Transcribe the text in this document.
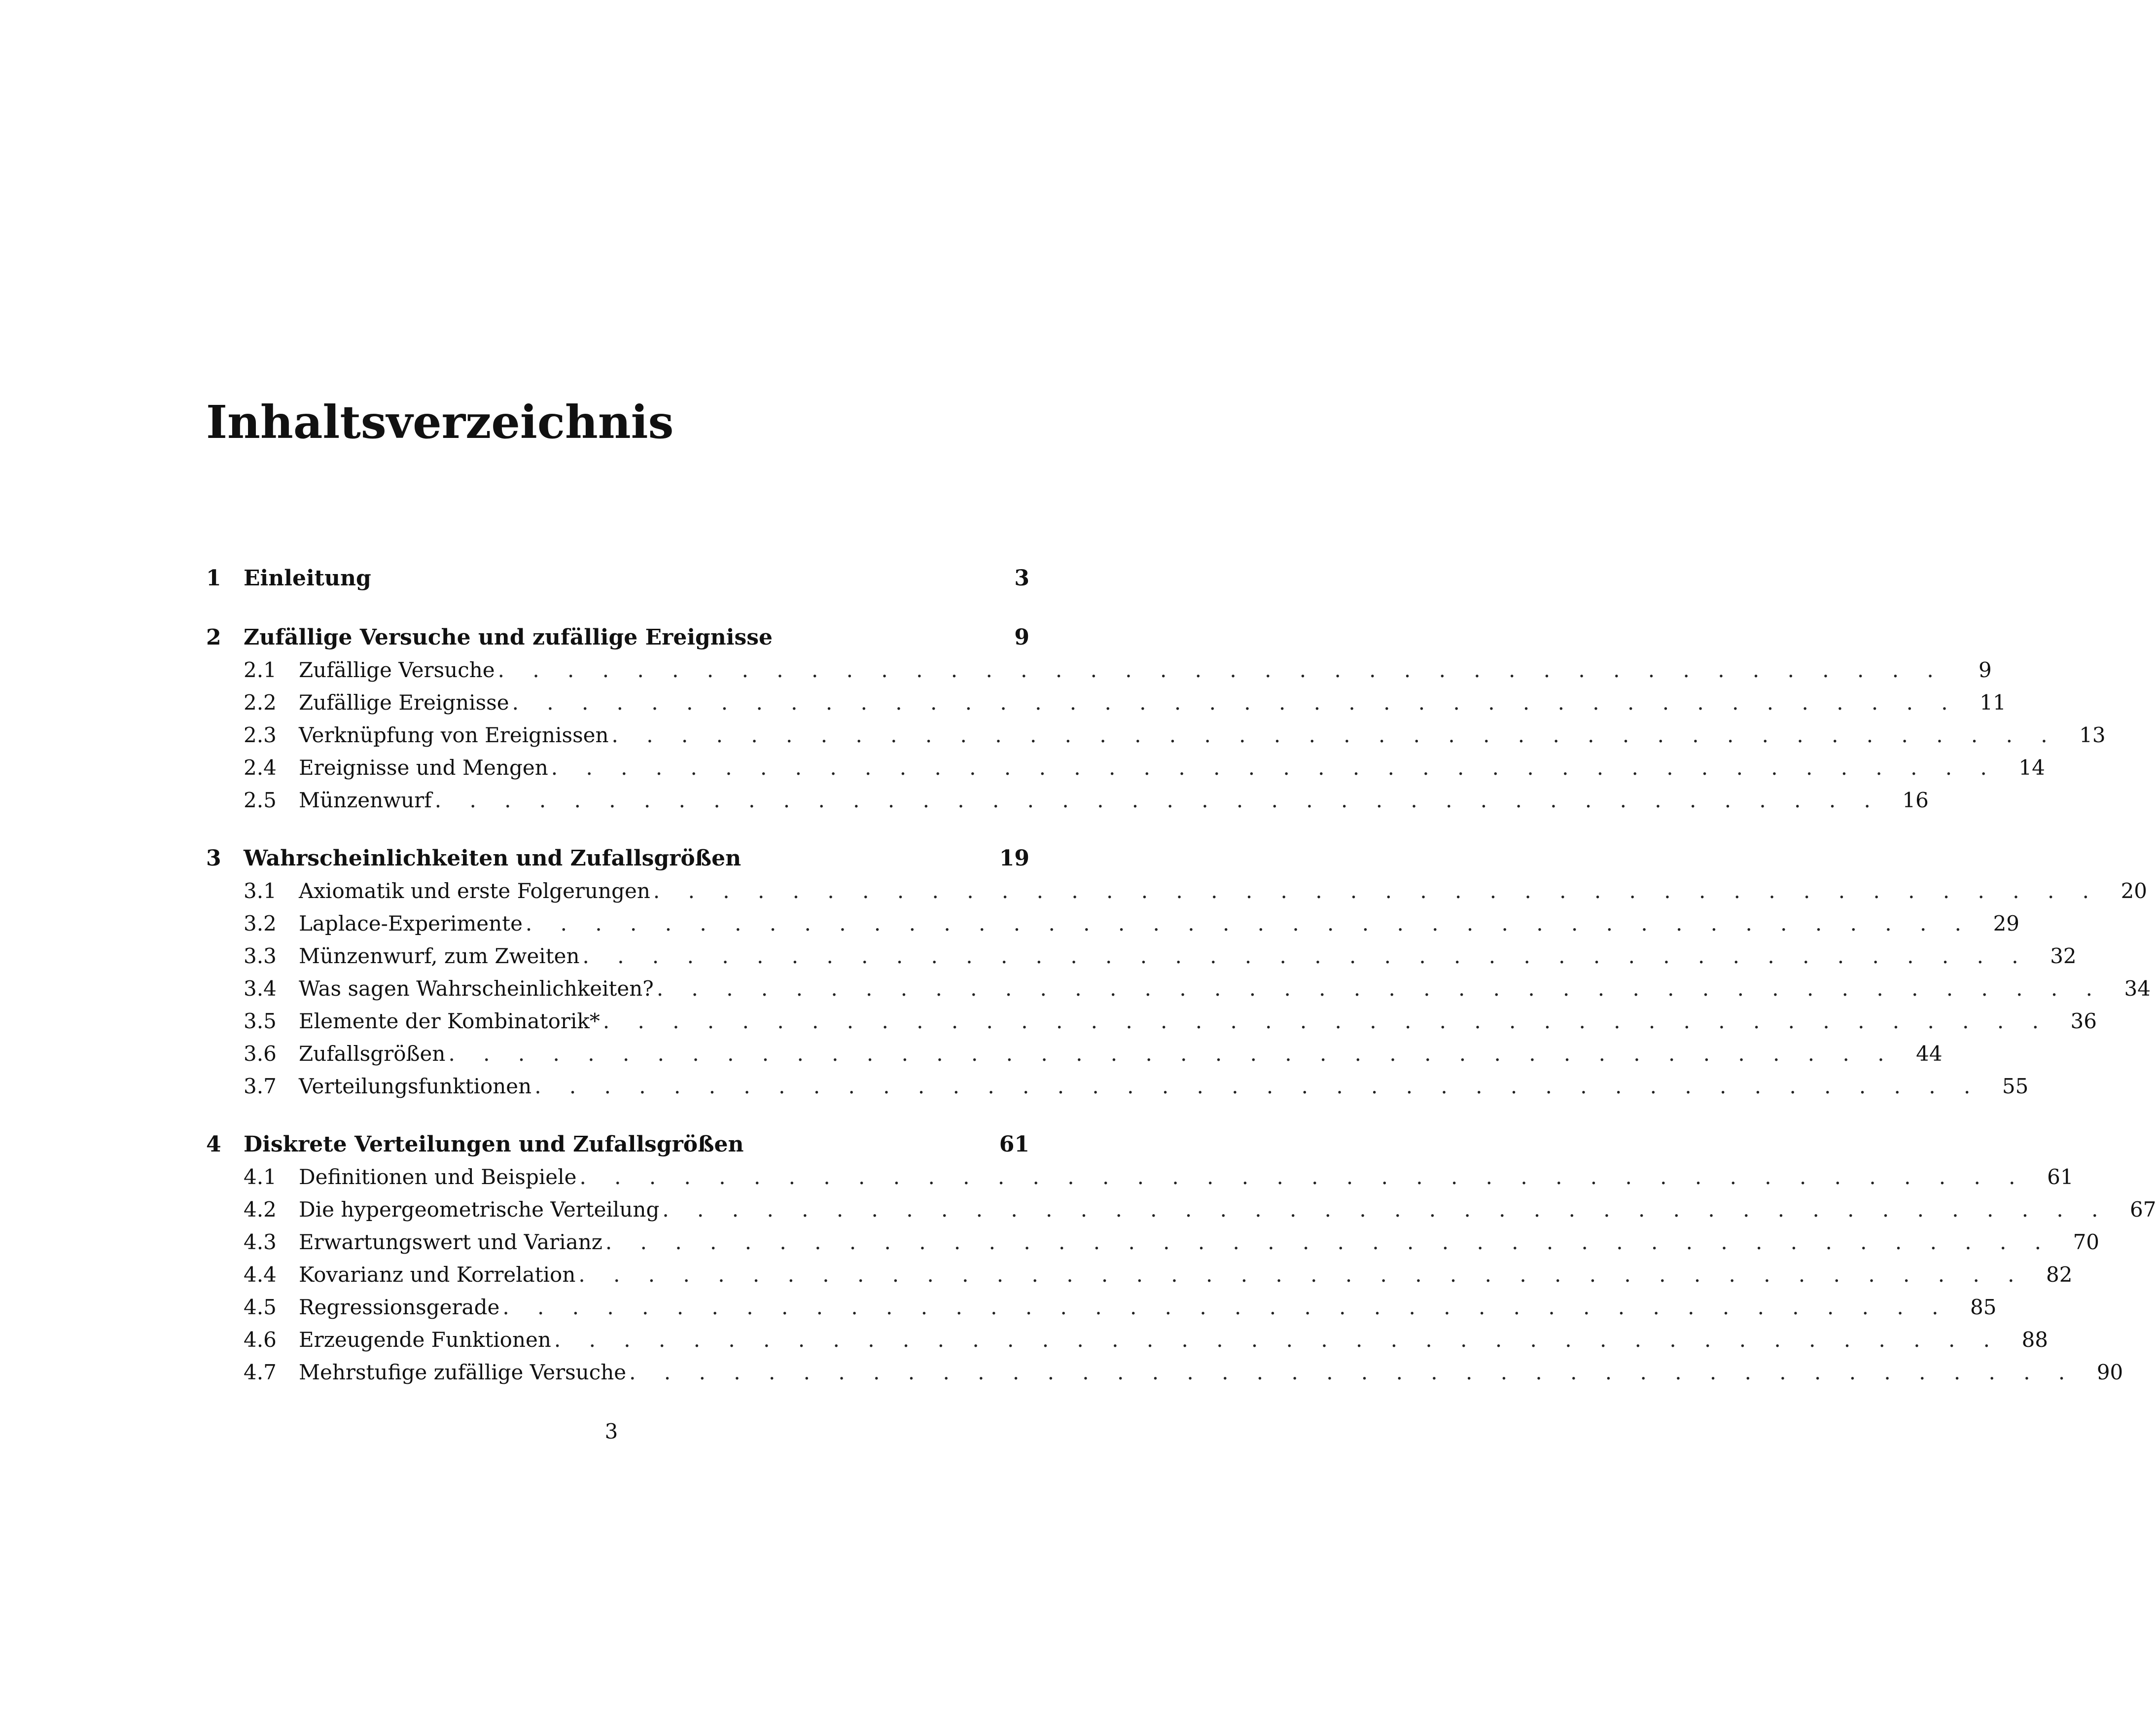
Inhaltsverzeichnis
1 Einleitung	3
2 Zufällige Versuche und zufällige Ereignisse	9
2.1	Zufällige Versuche . . . . . . . . . . . . . . . . . . . . . . . . . . . . . . . . . . . . . . . . . .	9
2.2	Zufällige Ereignisse . . . . . . . . . . . . . . . . . . . . . . . . . . . . . . . . . . . . . . . . . .	11
2.3	Verknüpfung von Ereignissen . . . . . . . . . . . . . . . . . . . . . . . . . . . . . . . . . . . . . . . . . .	13
2.4	Ereignisse und Mengen . . . . . . . . . . . . . . . . . . . . . . . . . . . . . . . . . . . . . . . . . .	14
2.5	Münzenwurf . . . . . . . . . . . . . . . . . . . . . . . . . . . . . . . . . . . . . . . . . .	16
3 Wahrscheinlichkeiten und Zufallsgrößen	19
3.1	Axiomatik und erste Folgerungen . . . . . . . . . . . . . . . . . . . . . . . . . . . . . . . . . . . . . . . . . .	20
3.2	Laplace-Experimente . . . . . . . . . . . . . . . . . . . . . . . . . . . . . . . . . . . . . . . . . .	29
3.3	Münzenwurf, zum Zweiten . . . . . . . . . . . . . . . . . . . . . . . . . . . . . . . . . . . . . . . . . .	32
3.4	Was sagen Wahrscheinlichkeiten? . . . . . . . . . . . . . . . . . . . . . . . . . . . . . . . . . . . . . . . . . .	34
3.5	Elemente der Kombinatorik* . . . . . . . . . . . . . . . . . . . . . . . . . . . . . . . . . . . . . . . . . .	36
3.6	Zufallsgrößen . . . . . . . . . . . . . . . . . . . . . . . . . . . . . . . . . . . . . . . . . .	44
3.7	Verteilungsfunktionen . . . . . . . . . . . . . . . . . . . . . . . . . . . . . . . . . . . . . . . . . .	55
4 Diskrete Verteilungen und Zufallsgrößen	61
4.1	Definitionen und Beispiele . . . . . . . . . . . . . . . . . . . . . . . . . . . . . . . . . . . . . . . . . .	61
4.2	Die hypergeometrische Verteilung . . . . . . . . . . . . . . . . . . . . . . . . . . . . . . . . . . . . . . . . . .	67
4.3	Erwartungswert und Varianz . . . . . . . . . . . . . . . . . . . . . . . . . . . . . . . . . . . . . . . . . .	70
4.4	Kovarianz und Korrelation . . . . . . . . . . . . . . . . . . . . . . . . . . . . . . . . . . . . . . . . . .	82
4.5	Regressionsgerade . . . . . . . . . . . . . . . . . . . . . . . . . . . . . . . . . . . . . . . . . .	85
4.6	Erzeugende Funktionen . . . . . . . . . . . . . . . . . . . . . . . . . . . . . . . . . . . . . . . . . .	88
4.7	Mehrstufige zufällige Versuche . . . . . . . . . . . . . . . . . . . . . . . . . . . . . . . . . . . . . . . . . .	90
3
